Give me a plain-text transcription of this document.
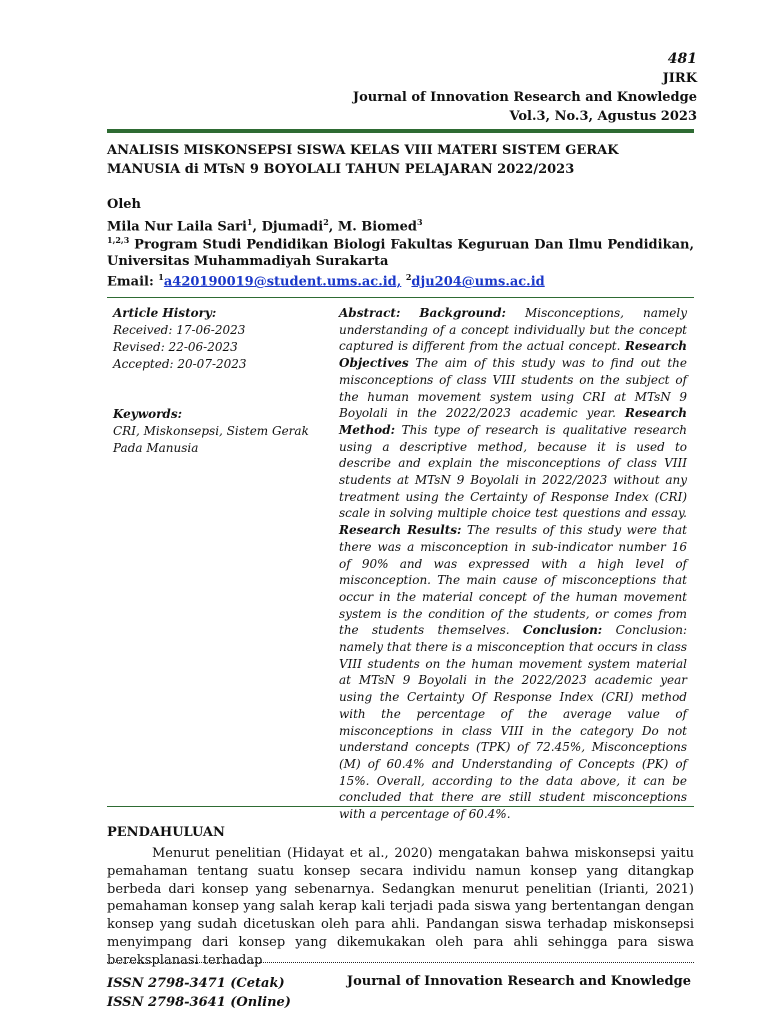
481
JIRK
Journal of Innovation Research and Knowledge
Vol.3, No.3, Agustus 2023
ANALISIS MISKONSEPSI SISWA KELAS VIII MATERI SISTEM GERAK MANUSIA di MTsN 9 BOYOLALI TAHUN PELAJARAN 2022/2023
Oleh
Mila Nur Laila Sari$^1$, Djumadi$^2$, M. Biomed$^3$
$^{1,2,3}$ Program Studi Pendidikan Biologi Fakultas Keguruan Dan Ilmu Pendidikan, Universitas Muhammadiyah Surakarta
Email: $^1$a420190019@student.ums.ac.id, $^2$dju204@ums.ac.id
Article History:
Received: 17-06-2023
Revised: 22-06-2023
Accepted: 20-07-2023
Keywords:
CRI, Miskonsepsi, Sistem Gerak Pada Manusia
Abstract: Background: Misconceptions, namely understanding of a concept individually but the concept captured is different from the actual concept. Research Objectives The aim of this study was to find out the misconceptions of class VIII students on the subject of the human movement system using CRI at MTsN 9 Boyolali in the 2022/2023 academic year. Research Method: This type of research is qualitative research using a descriptive method, because it is used to describe and explain the misconceptions of class VIII students at MTsN 9 Boyolali in 2022/2023 without any treatment using the Certainty of Response Index (CRI) scale in solving multiple choice test questions and essay. Research Results: The results of this study were that there was a misconception in sub-indicator number 16 of 90% and was expressed with a high level of misconception. The main cause of misconceptions that occur in the material concept of the human movement system is the condition of the students, or comes from the students themselves. Conclusion: Conclusion: namely that there is a misconception that occurs in class VIII students on the human movement system material at MTsN 9 Boyolali in the 2022/2023 academic year using the Certainty Of Response Index (CRI) method with the percentage of the average value of misconceptions in class VIII in the category Do not understand concepts (TPK) of 72.45%, Misconceptions (M) of 60.4% and Understanding of Concepts (PK) of 15%. Overall, according to the data above, it can be concluded that there are still student misconceptions with a percentage of 60.4%.
PENDAHULUAN
Menurut penelitian (Hidayat et al., 2020) mengatakan bahwa miskonsepsi yaitu pemahaman tentang suatu konsep secara individu namun konsep yang ditangkap berbeda dari konsep yang sebenarnya. Sedangkan menurut penelitian (Irianti, 2021) pemahaman konsep yang salah kerap kali terjadi pada siswa yang bertentangan dengan konsep yang sudah dicetuskan oleh para ahli. Pandangan siswa terhadap miskonsepsi menyimpang dari konsep yang dikemukakan oleh para ahli sehingga para siswa bereksplanasi terhadap
ISSN 2798-3471 (Cetak)
ISSN 2798-3641 (Online)
Journal of Innovation Research and Knowledge
